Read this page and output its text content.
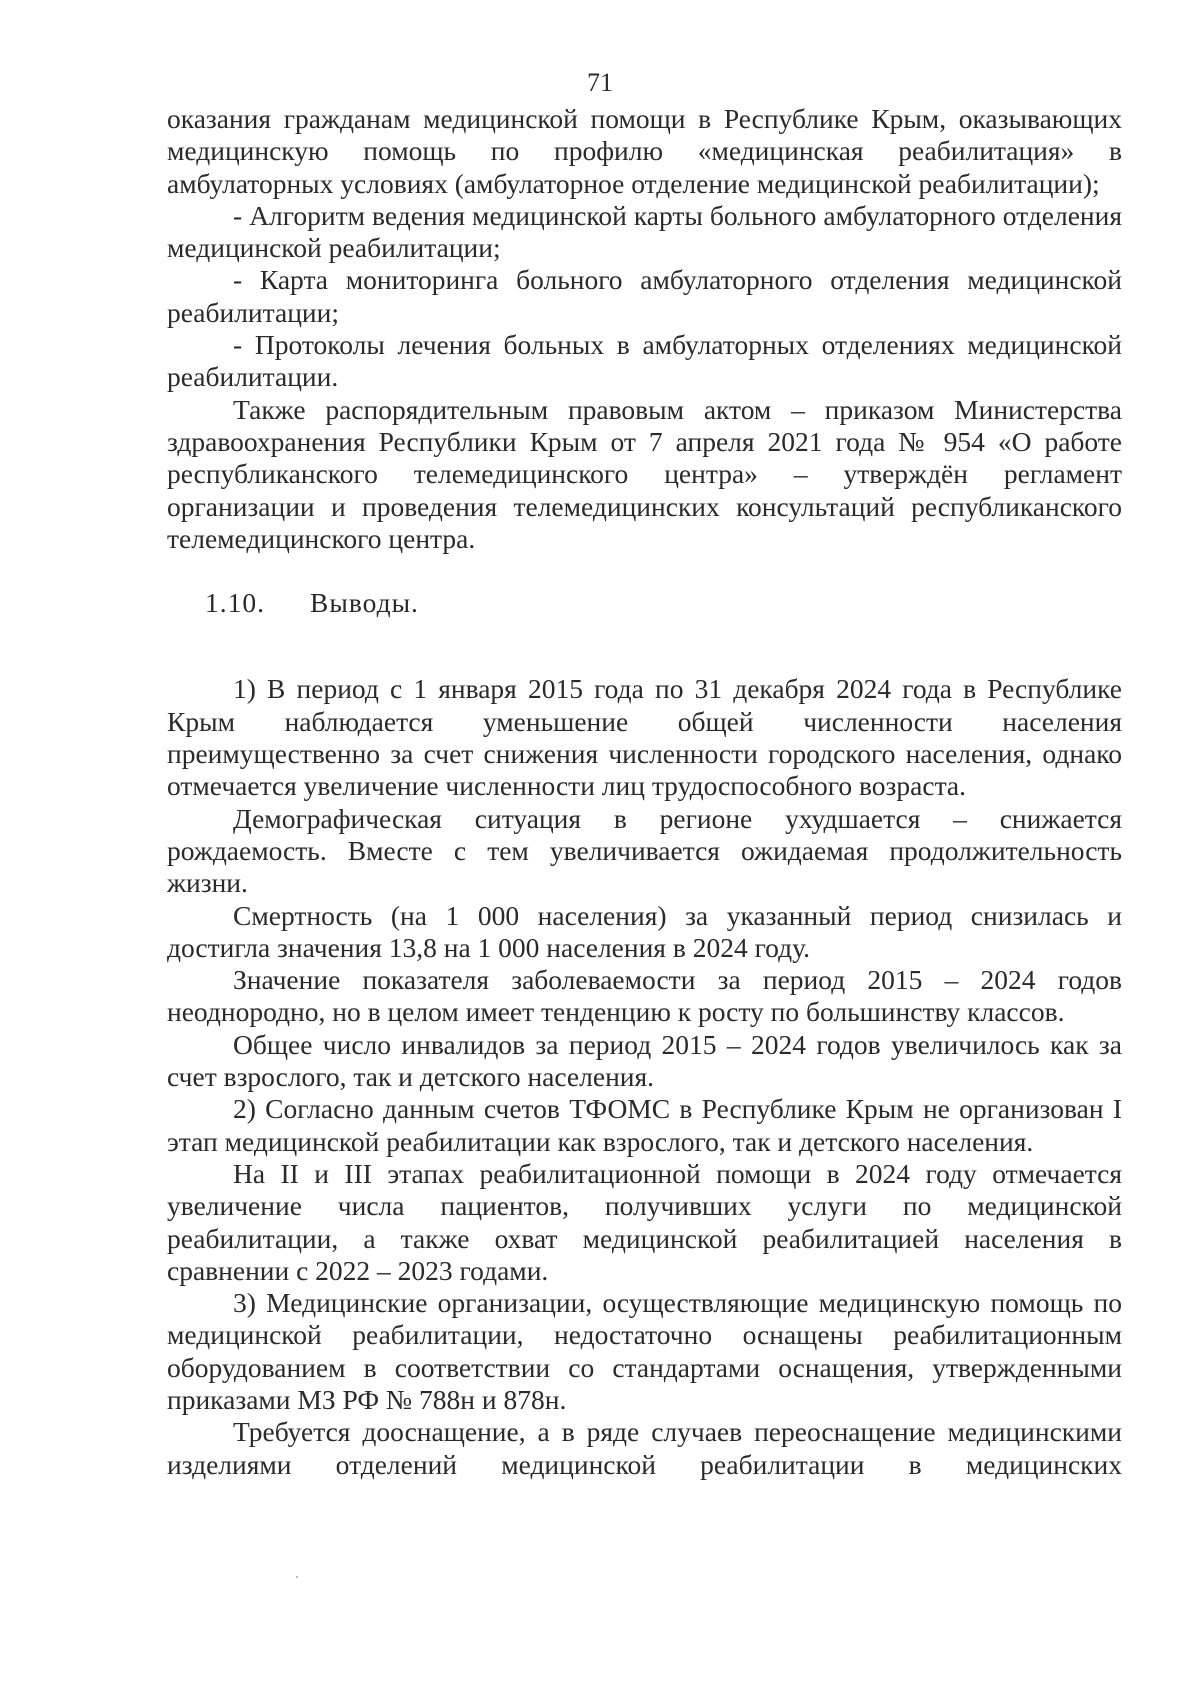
71

оказания гражданам медицинской помощи в Республике Крым, оказывающих медицинскую помощь по профилю «медицинская реабилитация» в амбулаторных условиях (амбулаторное отделение медицинской реабилитации);

- Алгоритм ведения медицинской карты больного амбулаторного отделения медицинской реабилитации;

- Карта мониторинга больного амбулаторного отделения медицинской реабилитации;

- Протоколы лечения больных в амбулаторных отделениях медицинской реабилитации.

Также распорядительным правовым актом – приказом Министерства здравоохранения Республики Крым от 7 апреля 2021 года № 954 «О работе республиканского телемедицинского центра» – утверждён регламент организации и проведения телемедицинских консультаций республиканского телемедицинского центра.

1.10. Выводы.

1) В период с 1 января 2015 года по 31 декабря 2024 года в Республике Крым наблюдается уменьшение общей численности населения преимущественно за счет снижения численности городского населения, однако отмечается увеличение численности лиц трудоспособного возраста.

Демографическая ситуация в регионе ухудшается – снижается рождаемость. Вместе с тем увеличивается ожидаемая продолжительность жизни.

Смертность (на 1 000 населения) за указанный период снизилась и достигла значения 13,8 на 1 000 населения в 2024 году.

Значение показателя заболеваемости за период 2015 – 2024 годов неоднородно, но в целом имеет тенденцию к росту по большинству классов.

Общее число инвалидов за период 2015 – 2024 годов увеличилось как за счет взрослого, так и детского населения.

2) Согласно данным счетов ТФОМС в Республике Крым не организован I этап медицинской реабилитации как взрослого, так и детского населения.

На II и III этапах реабилитационной помощи в 2024 году отмечается увеличение числа пациентов, получивших услуги по медицинской реабилитации, а также охват медицинской реабилитацией населения в сравнении с 2022 – 2023 годами.

3) Медицинские организации, осуществляющие медицинскую помощь по медицинской реабилитации, недостаточно оснащены реабилитационным оборудованием в соответствии со стандартами оснащения, утвержденными приказами МЗ РФ № 788н и 878н.

Требуется дооснащение, а в ряде случаев переоснащение медицинскими изделиями отделений медицинской реабилитации в медицинских
